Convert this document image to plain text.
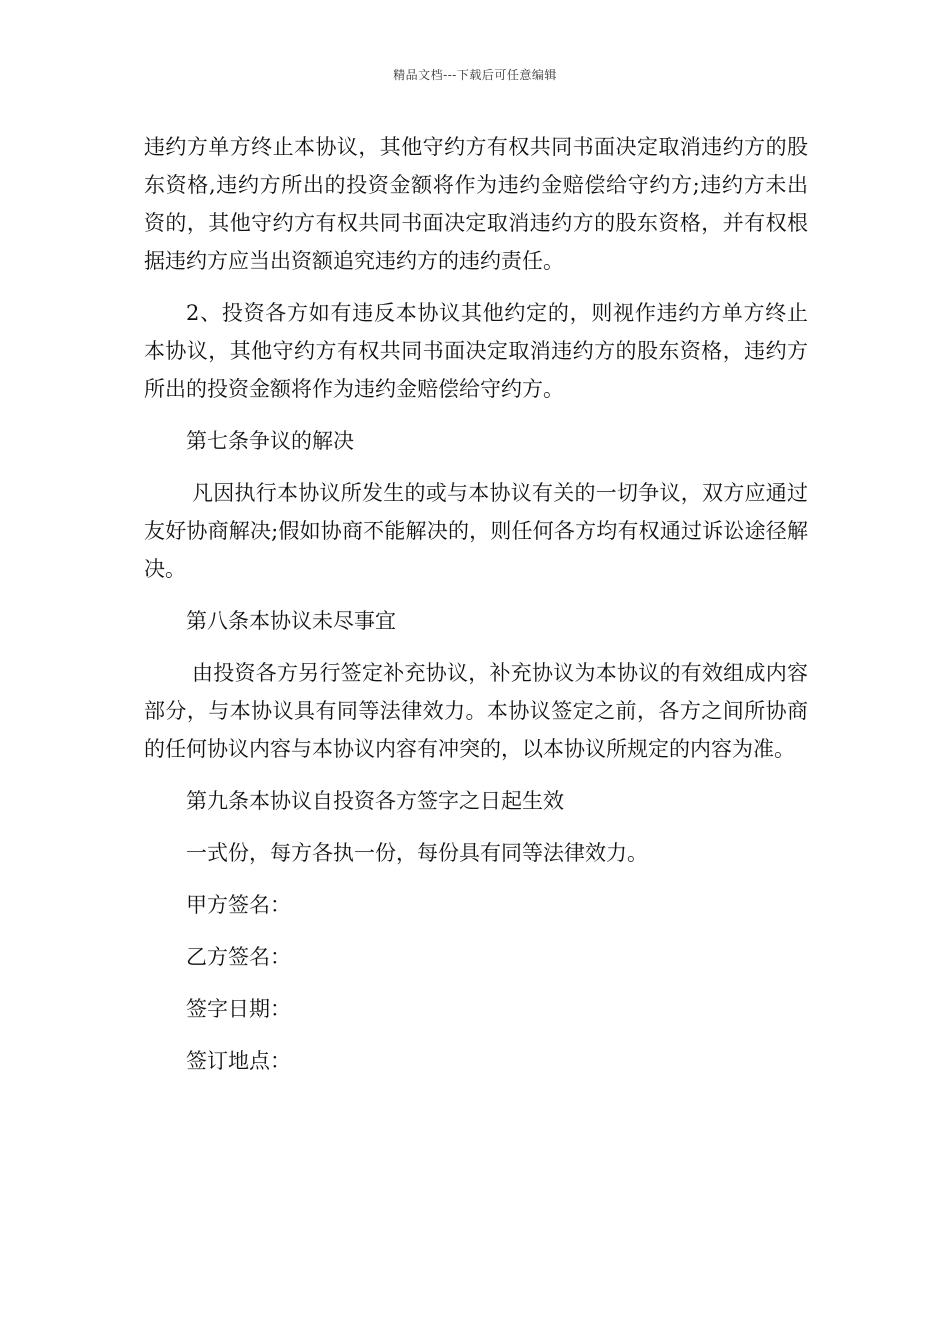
精品文档---下载后可任意编辑

违约方单方终止本协议，其他守约方有权共同书面决定取消违约方的股东资格,违约方所出的投资金额将作为违约金赔偿给守约方;违约方未出资的，其他守约方有权共同书面决定取消违约方的股东资格，并有权根据违约方应当出资额追究违约方的违约责任。

2、投资各方如有违反本协议其他约定的，则视作违约方单方终止本协议，其他守约方有权共同书面决定取消违约方的股东资格，违约方所出的投资金额将作为违约金赔偿给守约方。

第七条争议的解决

凡因执行本协议所发生的或与本协议有关的一切争议，双方应通过友好协商解决;假如协商不能解决的，则任何各方均有权通过诉讼途径解决。

第八条本协议未尽事宜

由投资各方另行签定补充协议，补充协议为本协议的有效组成内容部分，与本协议具有同等法律效力。本协议签定之前，各方之间所协商的任何协议内容与本协议内容有冲突的，以本协议所规定的内容为准。

第九条本协议自投资各方签字之日起生效

一式份，每方各执一份，每份具有同等法律效力。

甲方签名：

乙方签名：

签字日期：

签订地点：
